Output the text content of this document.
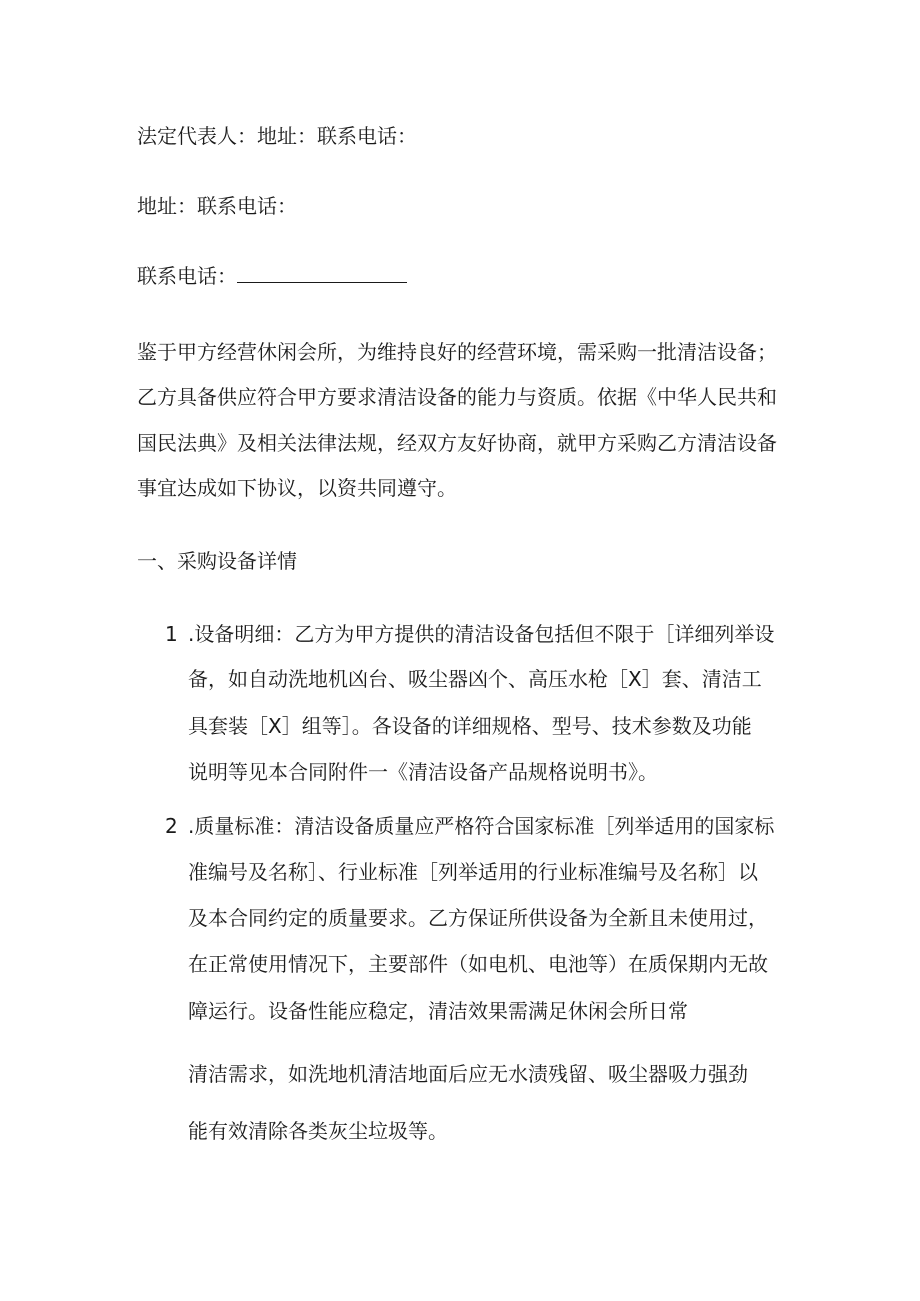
法定代表人：地址：联系电话：

地址：联系电话：

联系电话：

鉴于甲方经营休闲会所，为维持良好的经营环境，需采购一批清洁设备；

乙方具备供应符合甲方要求清洁设备的能力与资质。依据《中华人民共和

国民法典》及相关法律法规，经双方友好协商，就甲方采购乙方清洁设备

事宜达成如下协议，以资共同遵守。

一、采购设备详情

1 .设备明细：乙方为甲方提供的清洁设备包括但不限于［详细列举设

备，如自动洗地机凶台、吸尘器凶个、高压水枪［X］套、清洁工

具套装［X］组等］。各设备的详细规格、型号、技术参数及功能

说明等见本合同附件一《清洁设备产品规格说明书》。

2 .质量标准：清洁设备质量应严格符合国家标准［列举适用的国家标

准编号及名称］、行业标准［列举适用的行业标准编号及名称］以

及本合同约定的质量要求。乙方保证所供设备为全新且未使用过，

在正常使用情况下，主要部件（如电机、电池等）在质保期内无故

障运行。设备性能应稳定，清洁效果需满足休闲会所日常

清洁需求，如洗地机清洁地面后应无水渍残留、吸尘器吸力强劲

能有效清除各类灰尘垃圾等。
